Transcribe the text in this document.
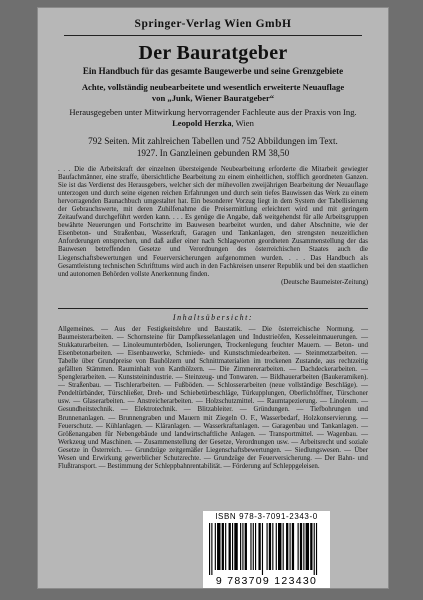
Springer-Verlag Wien GmbH
Der Bauratgeber
Ein Handbuch für das gesamte Baugewerbe und seine Grenzgebiete
Achte, vollständig neubearbeitete und wesentlich erweiterte Neuauflage von „Junk, Wiener Bauratgeber“
Herausgegeben unter Mitwirkung hervorragender Fachleute aus der Praxis von Ing. Leopold Herzka, Wien
792 Seiten. Mit zahlreichen Tabellen und 752 Abbildungen im Text.
1927. In Ganzleinen gebunden RM 38,50
. . . Die die Arbeitskraft der einzelnen übersteigende Neubearbeitung erforderte die Mitarbeit gewiegter Baufachmänner, eine straffe, übersichtliche Bearbeitung zu einem einheitlichen, stofflich geordneten Ganzen. Sie ist das Verdienst des Herausgebers, welcher sich der mühevollen zweijährigen Bearbeitung der Neuauflage unterzogen und durch seine eigenen reichen Erfahrungen und durch sein tiefes Bauwissen das Werk zu einem hervorragenden Baunachbuch umgestaltet hat. Ein besonderer Vorzug liegt in dem System der Tabellisierung der Gebrauchswerte, mit deren Zuhilfenahme die Preisermittlung erleichtert wird und mit geringem Zeitaufwand durchgeführt werden kann. . . . Es genüge die Angabe, daß weitgehendst für alle Arbeitsgruppen bewährte Neuerungen und Fortschritte im Bauwesen bearbeitet wurden, und daher Abschnitte, wie der Eisenbeton- und Straßenbau, Wasserkraft, Garagen und Tankanlagen, den strengsten neuzeitlichen Anforderungen entsprechen, und daß außer einer nach Schlagworten geordneten Zusammenstellung der das Bauwesen betreffenden Gesetze und Verordnungen des österreichischen Staates auch die Liegenschaftsbewertungen und Feuerversicherungen aufgenommen wurden. . . . Das Handbuch als Gesamtleistung technischen Schrifttums wird auch in den Fachkreisen unserer Republik und bei den staatlichen und autonomen Behörden vollste Anerkennung finden.
(Deutsche Baumeister-Zeitung)
Inhaltsübersicht:
Allgemeines. — Aus der Festigkeitslehre und Baustatik. — Die österreichische Normung. — Baumeisterarbeiten. — Schornsteine für Dampfkesselanlagen und Industrieöfen, Kesseleinmauerungen. — Stukkaturarbeiten. — Linoleumunterböden, Isolierungen, Trockenlegung feuchter Mauern. — Beton- und Eisenbetonarbeiten. — Eisenbauwerke, Schmiede- und Kunstschmiedearbeiten. — Steinmetzarbeiten. — Tabelle über Grundpreise von Bauhölzern und Schnittmaterialien im trockenen Zustande, aus rechtzeitig gefällten Stämmen. Rauminhalt von Kanthölzern. — Die Zimmererarbeiten. — Dachdeckerarbeiten. — Spenglerarbeiten. — Kunststeinindustrie. — Steinzeug- und Tonwaren. — Bildhauerarbeiten (Baukeramiken). — Straßenbau. — Tischlerarbeiten. — Fußböden. — Schlosserarbeiten (neue vollständige Beschläge). — Pendeltürbänder, Türschließer, Dreh- und Schiebetürbeschläge, Türkupplungen, Oberlichtöffner, Türschoner usw. — Glaserarbeiten. — Anstreicherarbeiten. — Holzschutzmittel. — Raumtapezierung. — Linoleum. — Gesundheitstechnik. — Elektrotechnik. — Blitzableiter. — Gründungen. — Tiefbohrungen und Brunnenanlagen. — Brunnengraben und Mauern mit Ziegeln O. F., Wasserbedarf, Holzkonservierung. — Feuerschutz. — Kühlanlagen. — Kläranlagen. — Wasserkraftanlagen. — Garagenbau und Tankanlagen. — Größenangaben für Nebengebäude und landwirtschaftliche Anlagen. — Transportmittel. — Wagenbau. — Werkzeug und Maschinen. — Zusammenstellung der Gesetze, Verordnungen usw. — Arbeitsrecht und soziale Gesetze in Österreich. — Grundzüge zeitgemäßer Liegenschaftsbewertungen. — Siedlungswesen. — Über Wesen und Erwirkung gewerblicher Schutzrechte. — Grundzüge der Feuerversicherung. — Der Bahn- und Flußtransport. — Bestimmung der Schleppbahnrentabilität. — Förderung auf Schleppgeleisen.
ISBN 978-3-7091-2343-0
9 783709 123430
